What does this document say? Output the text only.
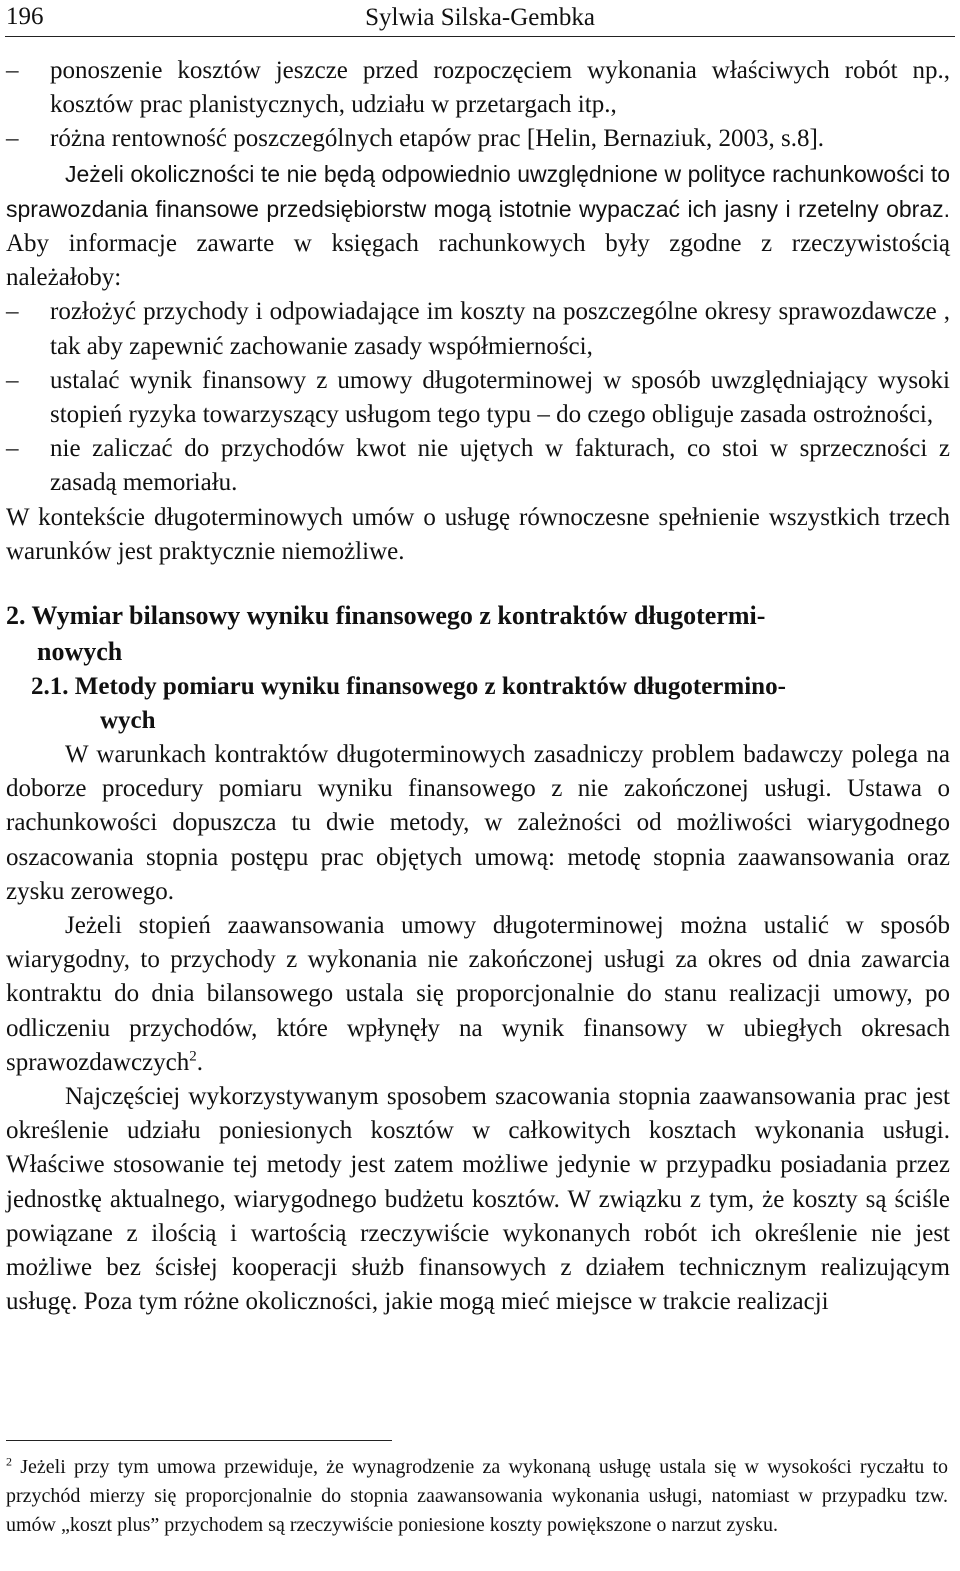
196	Sylwia Silska-Gembka
–	ponoszenie kosztów jeszcze przed rozpoczęciem wykonania właściwych robót np., kosztów prac planistycznych, udziału w przetargach itp.,
–	różna rentowność poszczególnych etapów prac [Helin, Bernaziuk, 2003, s.8].

Jeżeli okoliczności te nie będą odpowiednio uwzględnione w polityce rachunkowości to sprawozdania finansowe przedsiębiorstw mogą istotnie wypaczać ich jasny i rzetelny obraz. Aby informacje zawarte w księgach rachunkowych były zgodne z rzeczywistością należałoby:

–	rozłożyć przychody i odpowiadające im koszty na poszczególne okresy sprawozdawcze , tak aby zapewnić zachowanie zasady współmierności,
–	ustalać wynik finansowy z umowy długoterminowej w sposób uwzględniający wysoki stopień ryzyka towarzyszący usługom tego typu – do czego obliguje zasada ostrożności,
–	nie zaliczać do przychodów kwot nie ujętych w fakturach, co stoi w sprzeczności z zasadą memoriału.

W kontekście długoterminowych umów o usługę równoczesne spełnienie wszystkich trzech warunków jest praktycznie niemożliwe.

2. Wymiar bilansowy wyniku finansowego z kontraktów długotermi-
nowych
2.1. Metody pomiaru wyniku finansowego z kontraktów długotermino-
wych

W warunkach kontraktów długoterminowych zasadniczy problem badawczy polega na doborze procedury pomiaru wyniku finansowego z nie zakończonej usługi. Ustawa o rachunkowości dopuszcza tu dwie metody, w zależności od możliwości wiarygodnego oszacowania stopnia postępu prac objętych umową: metodę stopnia zaawansowania oraz zysku zerowego.

Jeżeli stopień zaawansowania umowy długoterminowej można ustalić w sposób wiarygodny, to przychody z wykonania nie zakończonej usługi za okres od dnia zawarcia kontraktu do dnia bilansowego ustala się proporcjonalnie do stanu realizacji umowy, po odliczeniu przychodów, które wpłynęły na wynik finansowy w ubiegłych okresach sprawozdawczych$^2$.

Najczęściej wykorzystywanym sposobem szacowania stopnia zaawansowania prac jest określenie udziału poniesionych kosztów w całkowitych kosztach wykonania usługi. Właściwe stosowanie tej metody jest zatem możliwe jedynie w przypadku posiadania przez jednostkę aktualnego, wiarygodnego budżetu kosztów. W związku z tym, że koszty są ściśle powiązane z ilością i wartością rzeczywiście wykonanych robót ich określenie nie jest możliwe bez ścisłej kooperacji służb finansowych z działem technicznym realizującym usługę. Poza tym różne okoliczności, jakie mogą mieć miejsce w trakcie realizacji

$^2$ Jeżeli przy tym umowa przewiduje, że wynagrodzenie za wykonaną usługę ustala się w wysokości ryczałtu to przychód mierzy się proporcjonalnie do stopnia zaawansowania wykonania usługi, natomiast w przypadku tzw. umów „koszt plus” przychodem są rzeczywiście poniesione koszty powiększone o narzut zysku.
